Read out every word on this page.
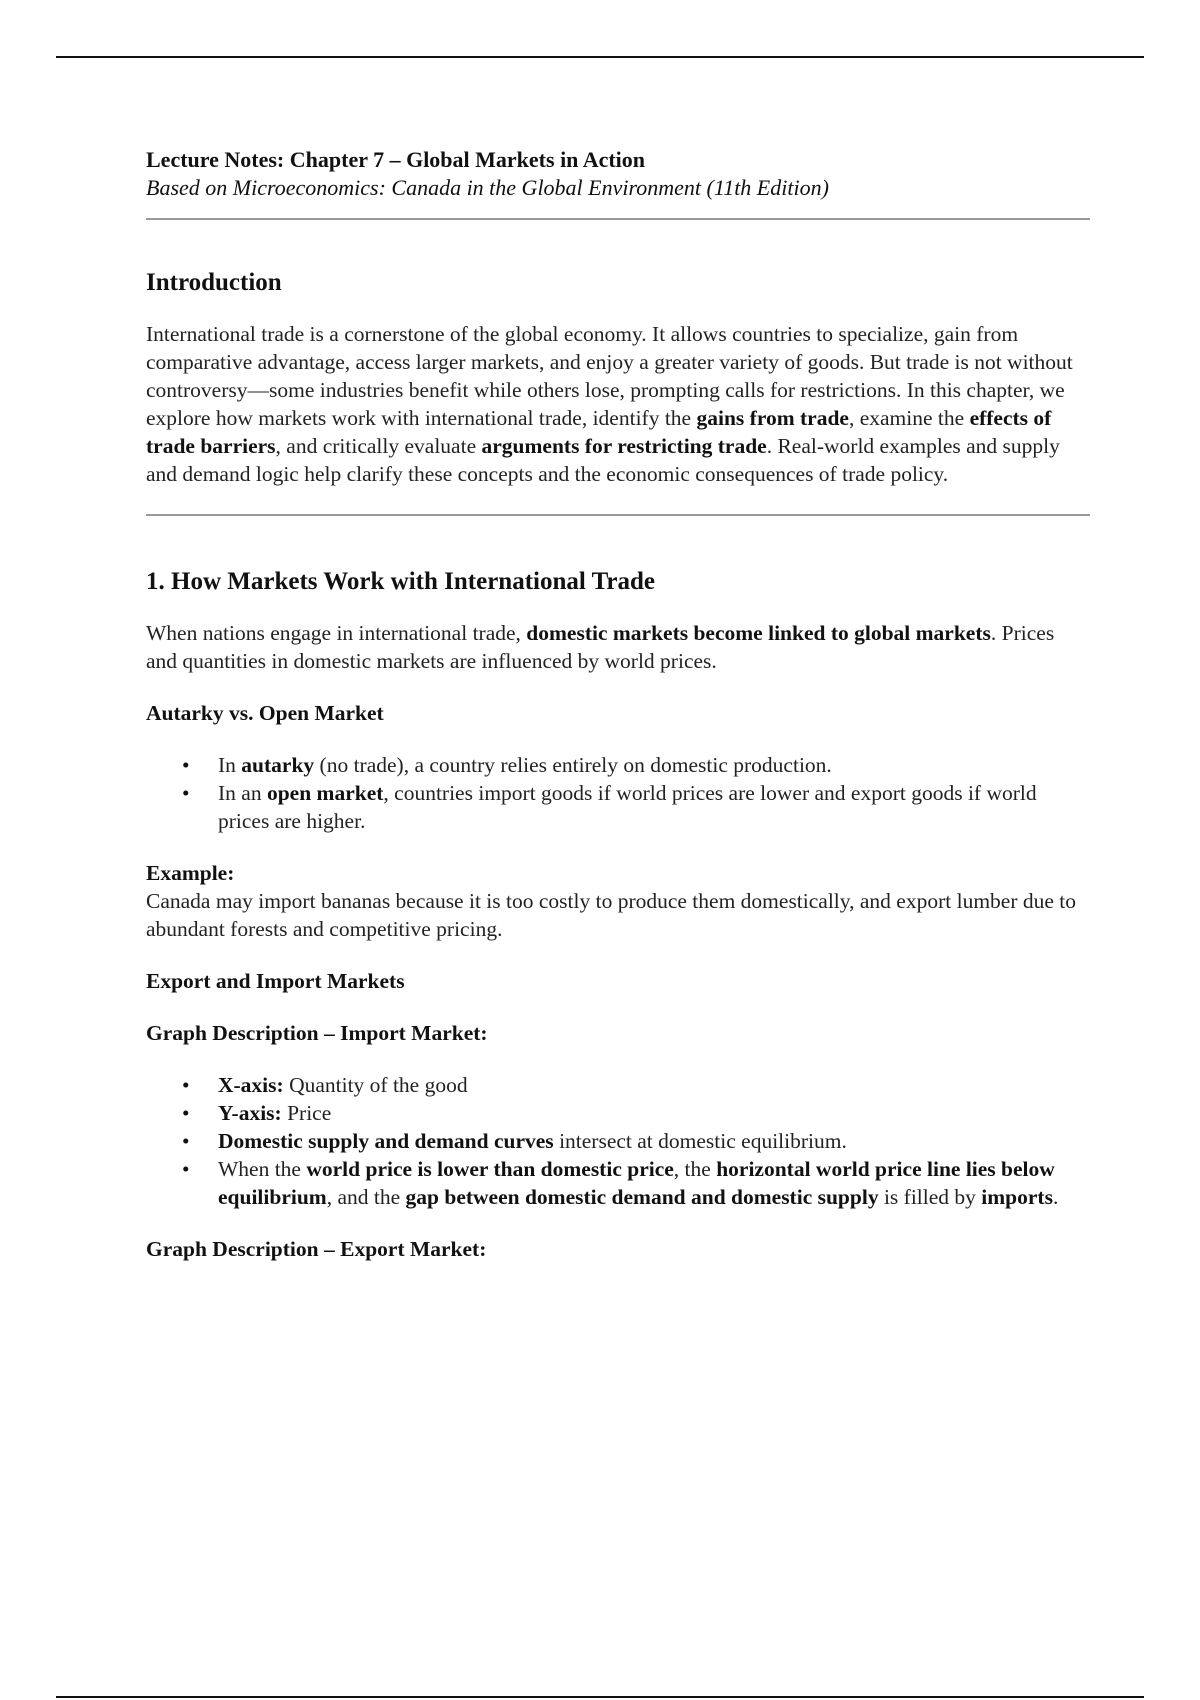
Lecture Notes: Chapter 7 – Global Markets in Action

Based on Microeconomics: Canada in the Global Environment (11th Edition)

Introduction

International trade is a cornerstone of the global economy. It allows countries to specialize, gain from comparative advantage, access larger markets, and enjoy a greater variety of goods. But trade is not without controversy—some industries benefit while others lose, prompting calls for restrictions. In this chapter, we explore how markets work with international trade, identify the gains from trade, examine the effects of trade barriers, and critically evaluate arguments for restricting trade. Real-world examples and supply and demand logic help clarify these concepts and the economic consequences of trade policy.

1. How Markets Work with International Trade

When nations engage in international trade, domestic markets become linked to global markets. Prices and quantities in domestic markets are influenced by world prices.

Autarky vs. Open Market

• In autarky (no trade), a country relies entirely on domestic production.
• In an open market, countries import goods if world prices are lower and export goods if world prices are higher.

Example:

Canada may import bananas because it is too costly to produce them domestically, and export lumber due to abundant forests and competitive pricing.

Export and Import Markets

Graph Description – Import Market:

• X-axis: Quantity of the good
• Y-axis: Price
• Domestic supply and demand curves intersect at domestic equilibrium.
• When the world price is lower than domestic price, the horizontal world price line lies below equilibrium, and the gap between domestic demand and domestic supply is filled by imports.

Graph Description – Export Market:
